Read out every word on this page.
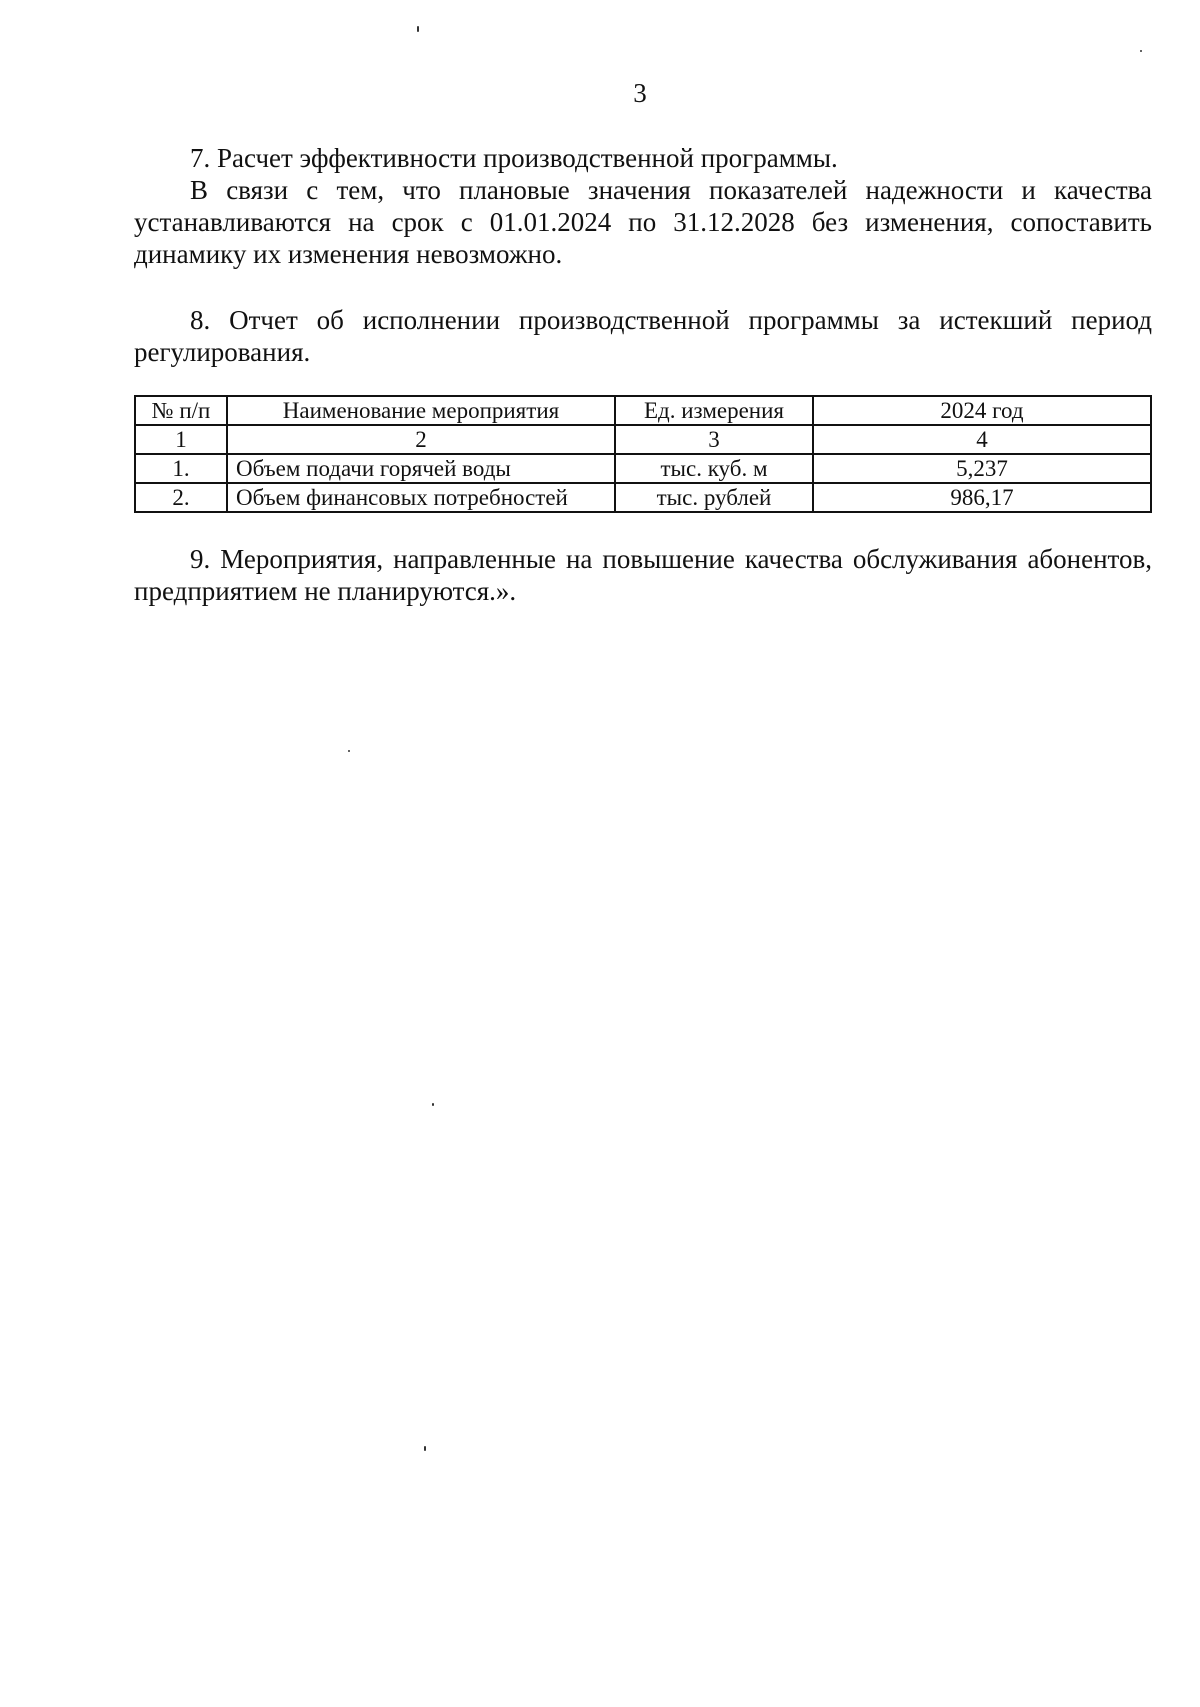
3

7. Расчет эффективности производственной программы.

В связи с тем, что плановые значения показателей надежности и качества устанавливаются на срок с 01.01.2024 по 31.12.2028 без изменения, сопоставить динамику их изменения невозможно.

8. Отчет об исполнении производственной программы за истекший период регулирования.

№ п/п	Наименование мероприятия	Ед. измерения	2024 год
1	2	3	4
1.	Объем подачи горячей воды	тыс. куб. м	5,237
2.	Объем финансовых потребностей	тыс. рублей	986,17

9. Мероприятия, направленные на повышение качества обслуживания абонентов, предприятием не планируются.».
